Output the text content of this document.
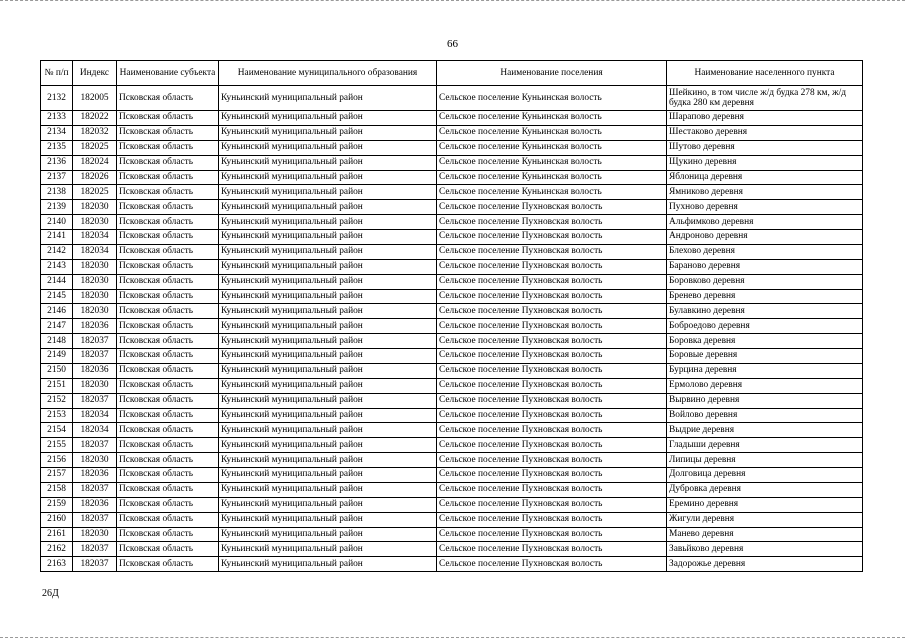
66
№ п/п	Индекс	Наименование субъекта	Наименование муниципального образования	Наименование поселения	Наименование населенного пункта
2132	182005	Псковская область	Куньинский муниципальный район	Сельское поселение Куньинская волость	Шейкино, в том числе ж/д будка 278 км, ж/д будка 280 км деревня
2133	182022	Псковская область	Куньинский муниципальный район	Сельское поселение Куньинская волость	Шарапово деревня
2134	182032	Псковская область	Куньинский муниципальный район	Сельское поселение Куньинская волость	Шестаково деревня
2135	182025	Псковская область	Куньинский муниципальный район	Сельское поселение Куньинская волость	Шутово деревня
2136	182024	Псковская область	Куньинский муниципальный район	Сельское поселение Куньинская волость	Щукино деревня
2137	182026	Псковская область	Куньинский муниципальный район	Сельское поселение Куньинская волость	Яблоница деревня
2138	182025	Псковская область	Куньинский муниципальный район	Сельское поселение Куньинская волость	Ямниково деревня
2139	182030	Псковская область	Куньинский муниципальный район	Сельское поселение Пухновская волость	Пухново деревня
2140	182030	Псковская область	Куньинский муниципальный район	Сельское поселение Пухновская волость	Альфимково деревня
2141	182034	Псковская область	Куньинский муниципальный район	Сельское поселение Пухновская волость	Андроново деревня
2142	182034	Псковская область	Куньинский муниципальный район	Сельское поселение Пухновская волость	Блехово деревня
2143	182030	Псковская область	Куньинский муниципальный район	Сельское поселение Пухновская волость	Бараново деревня
2144	182030	Псковская область	Куньинский муниципальный район	Сельское поселение Пухновская волость	Боровково деревня
2145	182030	Псковская область	Куньинский муниципальный район	Сельское поселение Пухновская волость	Бренево деревня
2146	182030	Псковская область	Куньинский муниципальный район	Сельское поселение Пухновская волость	Булавкино деревня
2147	182036	Псковская область	Куньинский муниципальный район	Сельское поселение Пухновская волость	Боброедово деревня
2148	182037	Псковская область	Куньинский муниципальный район	Сельское поселение Пухновская волость	Боровка деревня
2149	182037	Псковская область	Куньинский муниципальный район	Сельское поселение Пухновская волость	Боровые деревня
2150	182036	Псковская область	Куньинский муниципальный район	Сельское поселение Пухновская волость	Бурцина деревня
2151	182030	Псковская область	Куньинский муниципальный район	Сельское поселение Пухновская волость	Ермолово деревня
2152	182037	Псковская область	Куньинский муниципальный район	Сельское поселение Пухновская волость	Вырвино деревня
2153	182034	Псковская область	Куньинский муниципальный район	Сельское поселение Пухновская волость	Войлово деревня
2154	182034	Псковская область	Куньинский муниципальный район	Сельское поселение Пухновская волость	Выдрие деревня
2155	182037	Псковская область	Куньинский муниципальный район	Сельское поселение Пухновская волость	Гладыши деревня
2156	182030	Псковская область	Куньинский муниципальный район	Сельское поселение Пухновская волость	Липицы деревня
2157	182036	Псковская область	Куньинский муниципальный район	Сельское поселение Пухновская волость	Долговица деревня
2158	182037	Псковская область	Куньинский муниципальный район	Сельское поселение Пухновская волость	Дубровка деревня
2159	182036	Псковская область	Куньинский муниципальный район	Сельское поселение Пухновская волость	Еремино деревня
2160	182037	Псковская область	Куньинский муниципальный район	Сельское поселение Пухновская волость	Жигули деревня
2161	182030	Псковская область	Куньинский муниципальный район	Сельское поселение Пухновская волость	Манево деревня
2162	182037	Псковская область	Куньинский муниципальный район	Сельское поселение Пухновская волость	Завьйково деревня
2163	182037	Псковская область	Куньинский муниципальный район	Сельское поселение Пухновская волость	Задорожье деревня
26Д
